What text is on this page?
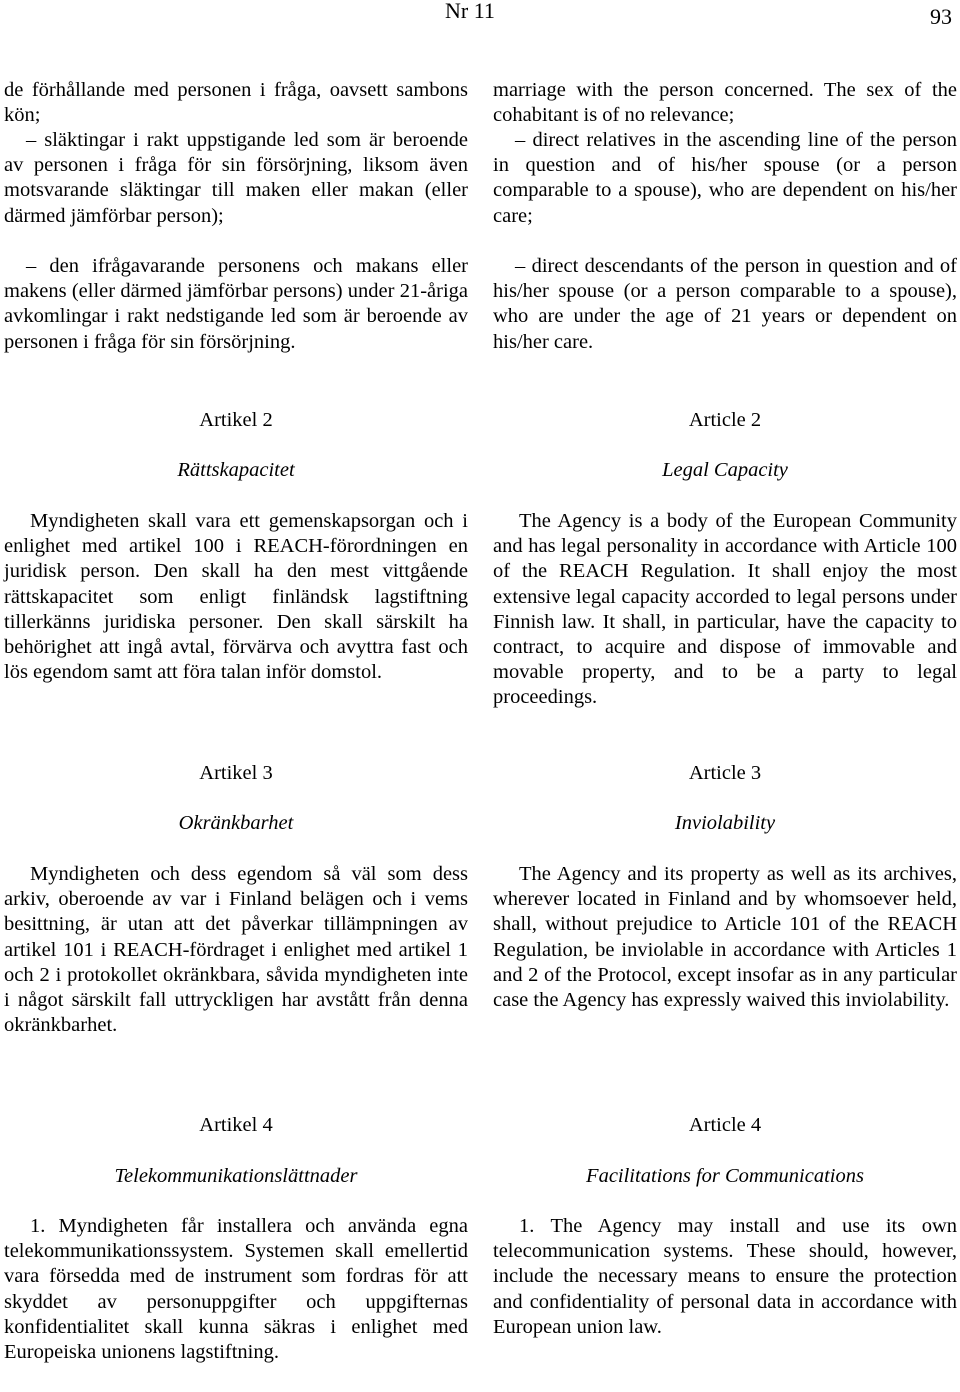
Nr 11	93

de förhållande med personen i fråga, oavsett sambons kön;

– släktingar i rakt uppstigande led som är beroende av personen i fråga för sin försörjning, liksom även motsvarande släktingar till maken eller makan (eller därmed jämförbar person);

– den ifrågavarande personens och makans eller makens (eller därmed jämförbar persons) under 21-åriga avkomlingar i rakt nedstigande led som är beroende av personen i fråga för sin försörjning.

Artikel 2

Rättskapacitet

Myndigheten skall vara ett gemenskapsorgan och i enlighet med artikel 100 i REACH-förordningen en juridisk person. Den skall ha den mest vittgående rättskapacitet som enligt finländsk lagstiftning tillerkänns juridiska personer. Den skall särskilt ha behörighet att ingå avtal, förvärva och avyttra fast och lös egendom samt att föra talan inför domstol.

Artikel 3

Okränkbarhet

Myndigheten och dess egendom så väl som dess arkiv, oberoende av var i Finland belägen och i vems besittning, är utan att det påverkar tillämpningen av artikel 101 i REACH-fördraget i enlighet med artikel 1 och 2 i protokollet okränkbara, såvida myndigheten inte i något särskilt fall uttryckligen har avstått från denna okränkbarhet.

Artikel 4

Telekommunikationslättnader

1. Myndigheten får installera och använda egna telekommunikationssystem. Systemen skall emellertid vara försedda med de instrument som fordras för att skyddet av personuppgifter och uppgifternas konfidentialitet skall kunna säkras i enlighet med Europeiska unionens lagstiftning.

marriage with the person concerned. The sex of the cohabitant is of no relevance;

– direct relatives in the ascending line of the person in question and of his/her spouse (or a person comparable to a spouse), who are dependent on his/her care;

– direct descendants of the person in question and of his/her spouse (or a person comparable to a spouse), who are under the age of 21 years or dependent on his/her care.

Article 2

Legal Capacity

The Agency is a body of the European Community and has legal personality in accordance with Article 100 of the REACH Regulation. It shall enjoy the most extensive legal capacity accorded to legal persons under Finnish law. It shall, in particular, have the capacity to contract, to acquire and dispose of immovable and movable property, and to be a party to legal proceedings.

Article 3

Inviolability

The Agency and its property as well as its archives, wherever located in Finland and by whomsoever held, shall, without prejudice to Article 101 of the REACH Regulation, be inviolable in accordance with Articles 1 and 2 of the Protocol, except insofar as in any particular case the Agency has expressly waived this inviolability.

Article 4

Facilitations for Communications

1. The Agency may install and use its own telecommunication systems. These should, however, include the necessary means to ensure the protection and confidentiality of personal data in accordance with European union law.
